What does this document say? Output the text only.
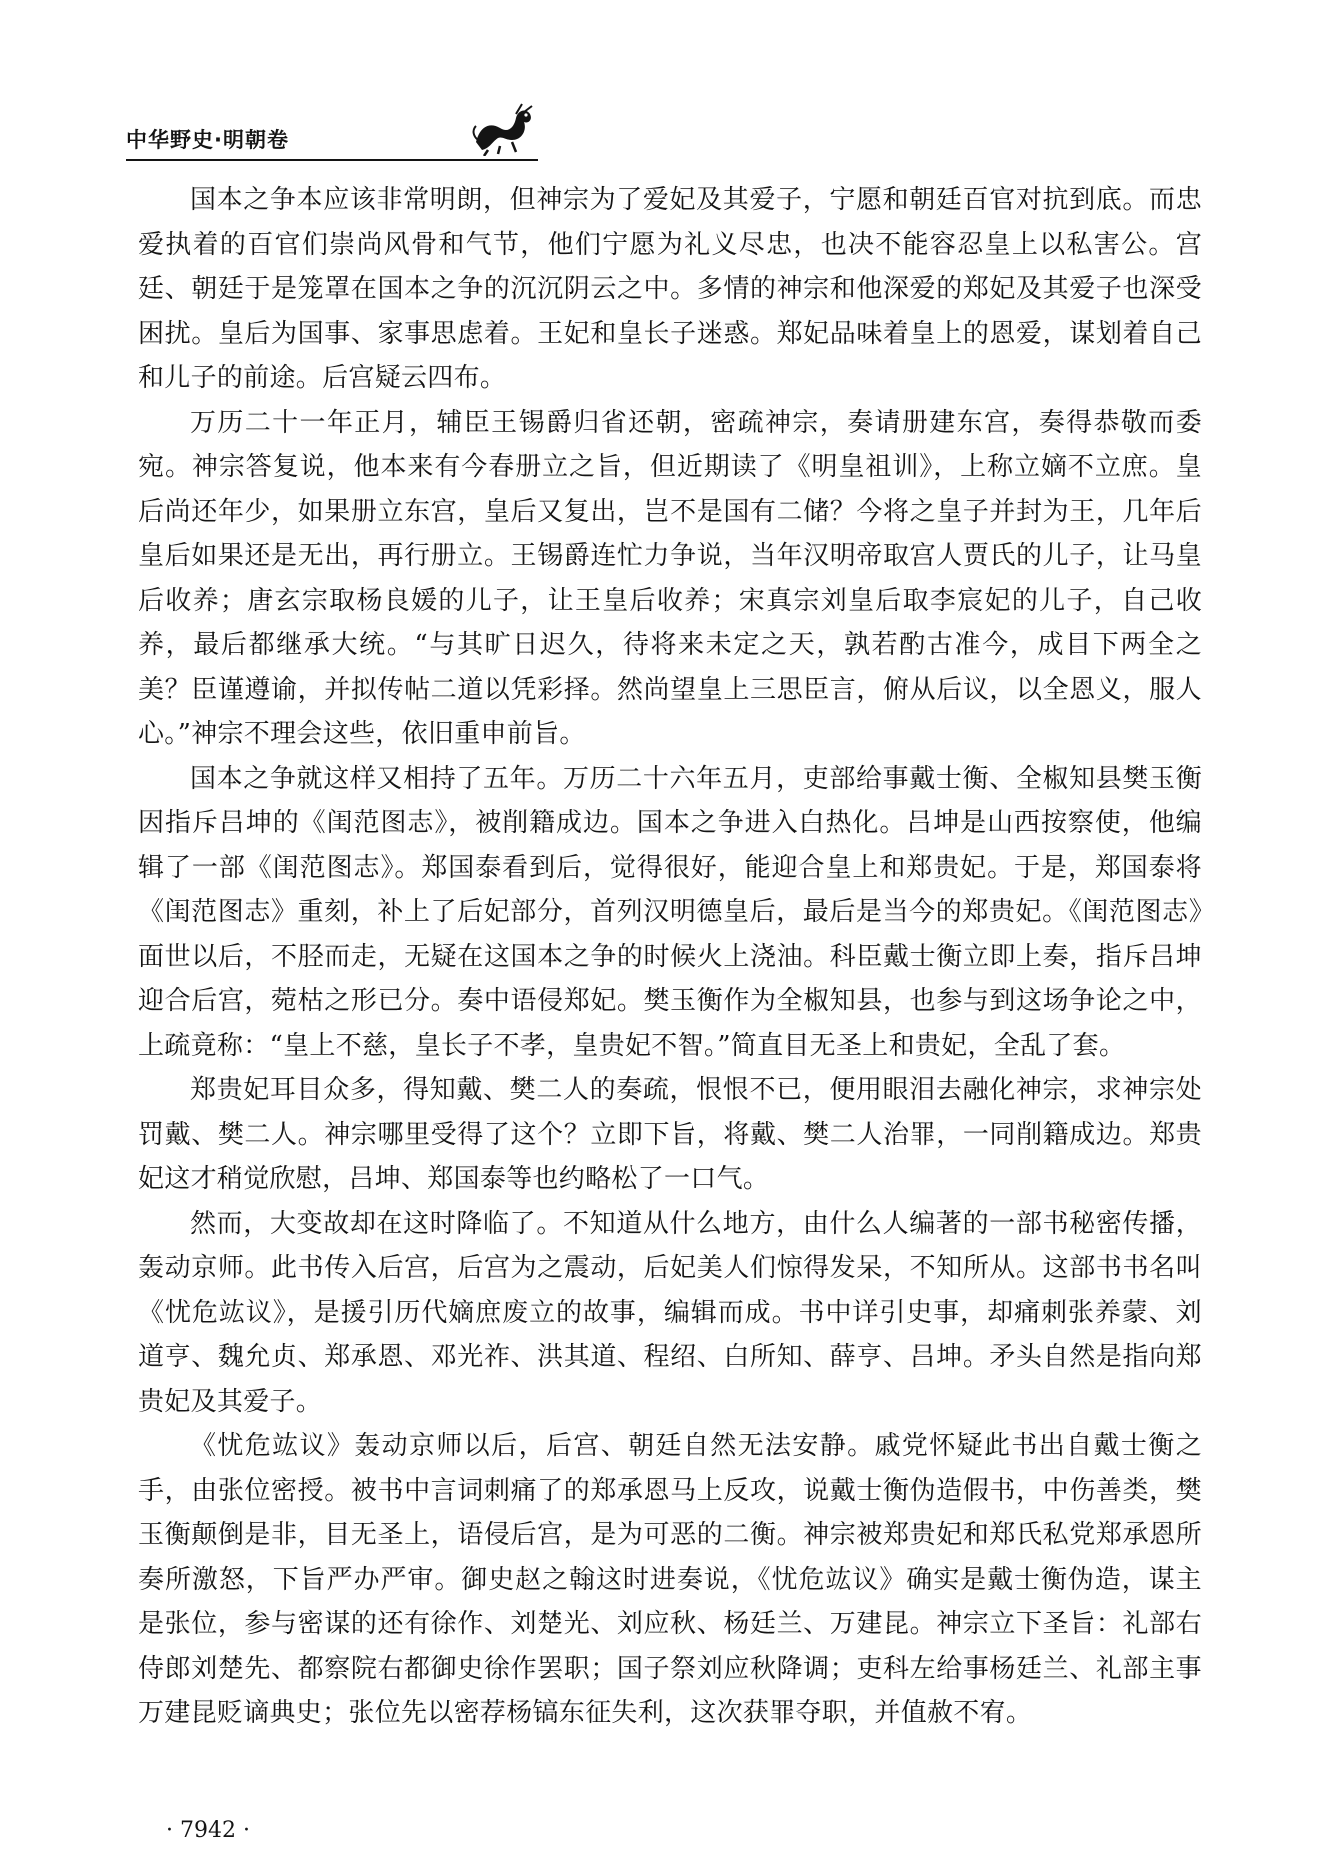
中华野史·明朝卷

国本之争本应该非常明朗，但神宗为了爱妃及其爱子，宁愿和朝廷百官对抗到底。而忠爱执着的百官们崇尚风骨和气节，他们宁愿为礼义尽忠，也决不能容忍皇上以私害公。宫廷、朝廷于是笼罩在国本之争的沉沉阴云之中。多情的神宗和他深爱的郑妃及其爱子也深受困扰。皇后为国事、家事思虑着。王妃和皇长子迷惑。郑妃品味着皇上的恩爱，谋划着自己和儿子的前途。后宫疑云四布。

万历二十一年正月，辅臣王锡爵归省还朝，密疏神宗，奏请册建东宫，奏得恭敬而委宛。神宗答复说，他本来有今春册立之旨，但近期读了《明皇祖训》，上称立嫡不立庶。皇后尚还年少，如果册立东宫，皇后又复出，岂不是国有二储？今将之皇子并封为王，几年后皇后如果还是无出，再行册立。王锡爵连忙力争说，当年汉明帝取宫人贾氏的儿子，让马皇后收养；唐玄宗取杨良媛的儿子，让王皇后收养；宋真宗刘皇后取李宸妃的儿子，自己收养，最后都继承大统。“与其旷日迟久，待将来未定之天，孰若酌古准今，成目下两全之美？臣谨遵谕，并拟传帖二道以凭彩择。然尚望皇上三思臣言，俯从后议，以全恩义，服人心。”神宗不理会这些，依旧重申前旨。

国本之争就这样又相持了五年。万历二十六年五月，吏部给事戴士衡、全椒知县樊玉衡因指斥吕坤的《闺范图志》，被削籍成边。国本之争进入白热化。吕坤是山西按察使，他编辑了一部《闺范图志》。郑国泰看到后，觉得很好，能迎合皇上和郑贵妃。于是，郑国泰将《闺范图志》重刻，补上了后妃部分，首列汉明德皇后，最后是当今的郑贵妃。《闺范图志》面世以后，不胫而走，无疑在这国本之争的时候火上浇油。科臣戴士衡立即上奏，指斥吕坤迎合后宫，菀枯之形已分。奏中语侵郑妃。樊玉衡作为全椒知县，也参与到这场争论之中，上疏竟称：“皇上不慈，皇长子不孝，皇贵妃不智。”简直目无圣上和贵妃，全乱了套。

郑贵妃耳目众多，得知戴、樊二人的奏疏，恨恨不已，便用眼泪去融化神宗，求神宗处罚戴、樊二人。神宗哪里受得了这个？立即下旨，将戴、樊二人治罪，一同削籍成边。郑贵妃这才稍觉欣慰，吕坤、郑国泰等也约略松了一口气。

然而，大变故却在这时降临了。不知道从什么地方，由什么人编著的一部书秘密传播，轰动京师。此书传入后宫，后宫为之震动，后妃美人们惊得发呆，不知所从。这部书书名叫《忧危竑议》，是援引历代嫡庶废立的故事，编辑而成。书中详引史事，却痛刺张养蒙、刘道亨、魏允贞、郑承恩、邓光祚、洪其道、程绍、白所知、薛亨、吕坤。矛头自然是指向郑贵妃及其爱子。

《忧危竑议》轰动京师以后，后宫、朝廷自然无法安静。戚党怀疑此书出自戴士衡之手，由张位密授。被书中言词刺痛了的郑承恩马上反攻，说戴士衡伪造假书，中伤善类，樊玉衡颠倒是非，目无圣上，语侵后宫，是为可恶的二衡。神宗被郑贵妃和郑氏私党郑承恩所奏所激怒，下旨严办严审。御史赵之翰这时进奏说，《忧危竑议》确实是戴士衡伪造，谋主是张位，参与密谋的还有徐作、刘楚光、刘应秋、杨廷兰、万建昆。神宗立下圣旨：礼部右侍郎刘楚先、都察院右都御史徐作罢职；国子祭刘应秋降调；吏科左给事杨廷兰、礼部主事万建昆贬谪典史；张位先以密荐杨镐东征失利，这次获罪夺职，并值赦不宥。

· 7942 ·
